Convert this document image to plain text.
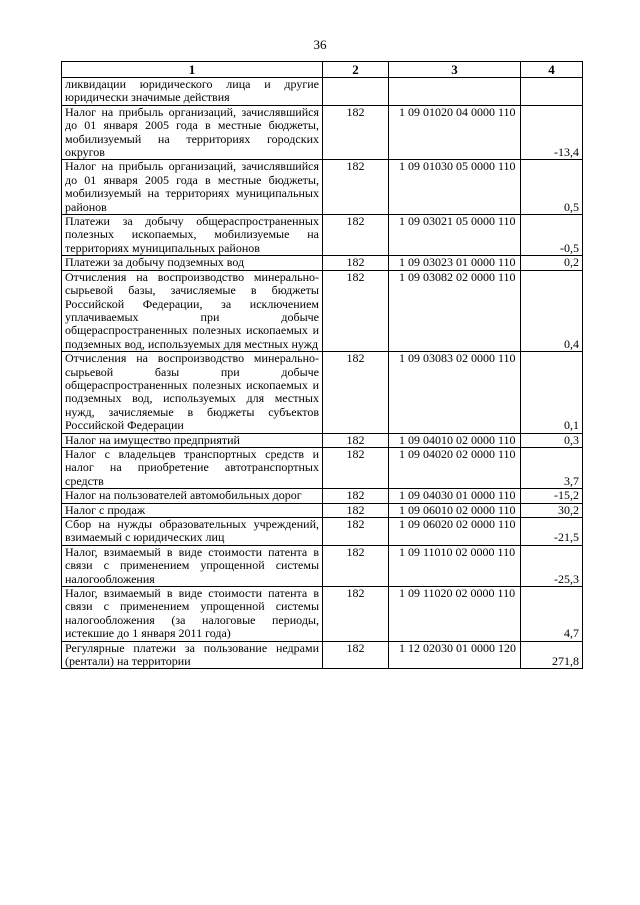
36
1	2	3	4
ликвидации юридического лица и другие юридически значимые действия			
Налог на прибыль организаций, зачислявшийся до 01 января 2005 года в местные бюджеты, мобилизуемый на территориях городских округов	182	1 09 01020 04 0000 110	-13,4
Налог на прибыль организаций, зачислявшийся до 01 января 2005 года в местные бюджеты, мобилизуемый на территориях муниципальных районов	182	1 09 01030 05 0000 110	0,5
Платежи за добычу общераспространенных полезных ископаемых, мобилизуемые на территориях муниципальных районов	182	1 09 03021 05 0000 110	-0,5
Платежи за добычу подземных вод	182	1 09 03023 01 0000 110	0,2
Отчисления на воспроизводство минерально-сырьевой базы, зачисляемые в бюджеты Российской Федерации, за исключением уплачиваемых при добыче общераспространенных полезных ископаемых и подземных вод, используемых для местных нужд	182	1 09 03082 02 0000 110	0,4
Отчисления на воспроизводство минерально-сырьевой базы при добыче общераспространенных полезных ископаемых и подземных вод, используемых для местных нужд, зачисляемые в бюджеты субъектов Российской Федерации	182	1 09 03083 02 0000 110	0,1
Налог на имущество предприятий	182	1 09 04010 02 0000 110	0,3
Налог с владельцев транспортных средств и налог на приобретение автотранспортных средств	182	1 09 04020 02 0000 110	3,7
Налог на пользователей автомобильных дорог	182	1 09 04030 01 0000 110	-15,2
Налог с продаж	182	1 09 06010 02 0000 110	30,2
Сбор на нужды образовательных учреждений, взимаемый с юридических лиц	182	1 09 06020 02 0000 110	-21,5
Налог, взимаемый в виде стоимости патента в связи с применением упрощенной системы налогообложения	182	1 09 11010 02 0000 110	-25,3
Налог, взимаемый в виде стоимости патента в связи с применением упрощенной системы налогообложения (за налоговые периоды, истекшие до 1 января 2011 года)	182	1 09 11020 02 0000 110	4,7
Регулярные платежи за пользование недрами (рентали) на территории	182	1 12 02030 01 0000 120	271,8
